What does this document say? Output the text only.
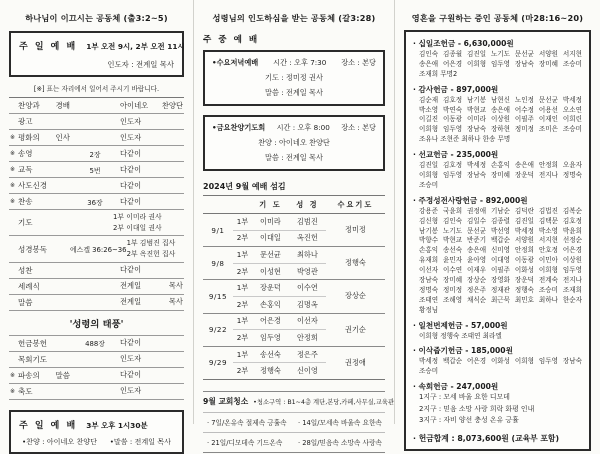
하나님이 이끄시는 공동체 (출3:2~5)
주 일 예 배 1부 오전 9시, 2부 오전 11시
인도자 : 전계일 목사
[※] 표는 자리에서 일어서 주시기 바랍니다.
찬양과 경배	아이네오 찬양단
광고	인도자
※ 평화의 인사	인도자
※ 송영	2장	다같이
※ 교독	5번	다같이
※ 사도신경	다같이
※ 찬송	36장	다같이
기도
1부 이미라 권사
2부 이대일 권사
성경봉독	에스겔 36:26~36
1부 김범진 집사
2부 옥진헌 집사
성찬	다같이
세례식	전계일 목사
말씀	전계일 목사
'성령의 태풍'
헌금봉헌	488장	다같이
목회기도	인도자
※ 파송의 말씀	다같이
※ 축도	인도자
주 일 예 배 3부 오후 1시30분
•찬양 : 아이네오 찬양단 •말씀 : 전계일 목사
성령님의 인도하심을 받는 공동체 (갈3:28)
주 중 예 배
•수요저녁예배 시간 : 오후 7:30 장소 : 본당
기도 : 정미정 권사
말씀 : 전계일 목사
•금요찬양기도회 시간 : 오후 8:00 장소 : 본당
찬양 : 아이네오 찬양단
말씀 : 전계일 목사
2024년 9월 예배 섬김
		기 도	성 경	수요기도
9/1	1부	이미라	김범진	정미정
	2부	이대일	옥진헌	
9/8	1부	문선균	최하나	정행숙
	2부	이성현	박영관	
9/15	1부	장운덕	이수연	장상순
	2부	손홍익	김명옥	
9/22	1부	어은경	이선자	권기순
	2부	임두영	안정희	
9/29	1부	송선숙	정은주	권정애
	2부	정행숙	신이영	
9월 교회청소 •청소구역 : B1~4층 계단,본당,카페,사무실,교육관
· 7일/온유속 절제속 긍휼속	· 14일/모세속 바울속 요한속
· 21일/디모데속 기드온속	· 28일/믿음속 소망속 사랑속
영혼을 구원하는 증인 공동체 (마28:16~20)
· 십일조헌금 - 6,630,000원
김인숙 김종월 김진일 노기도 문선균 서양원 서지현 송은애 어은경 이희형 임두영 장남숙 장미혜 조승미 조재희 무명2
· 감사헌금 - 897,000원
김순재 김호정 남기봉 남현신 노인정 문선균 박세정 박소영 박연숙 박현교 송은애 어수정 어용선 오소연 이길진 이동광 이미라 이상원 이필주 이재인 이희린 이희형 임두영 장남숙 장하현 정미정 조미은 조승미 조유나 조현준 최하나 한송 무명
· 선교헌금 - 235,000원
김진일 김호정 박세정 손홍익 송은애 안정희 오윤자 이희형 임두영 장남숙 장미혜 장운덕 전지나 정명숙 조승미
· 주정성전사랑헌금 - 892,000원
강용준 국윤희 권정애 기남순 김덕란 김법진 김복순 김신형 김인숙 김일수 김종렬 김진일 김택문 김호정 남기봉 노기도 문선균 박선영 박세정 박소영 박윤희 박향수 박현교 반준기 백갑순 서양원 서지현 선정순 손홍익 송선숙 송은애 신미영 안정희 안호정 어은경 유재희 윤민자 윤아영 이대영 이동광 이민아 이상원 이선자 이수연 이재우 이필주 이화성 이희형 임두영 장남숙 장미혜 장상순 장영화 장운덕 전계숙 전지나 정명숙 정미정 정은주 정재관 정행숙 조승미 조재희 조태연 조해영 채식순 최근묵 최민호 최하나 한순자 황정님
· 일천번제헌금 - 57,000원
이희형 정행숙 조태연 최라엘
· 이삭줍기헌금 - 185,000원
박세정 백갑순 어은경 이화성 이희형 임두영 장남숙 조승미
· 속회헌금 - 247,000원
1지구 : 모세 바울 요한 디모데
2지구 : 믿음 소망 사랑 희락 화평 인내
3지구 : 자비 양선 충성 온유 긍휼
· 헌금합계 : 8,073,600원 (교육부 포함)
